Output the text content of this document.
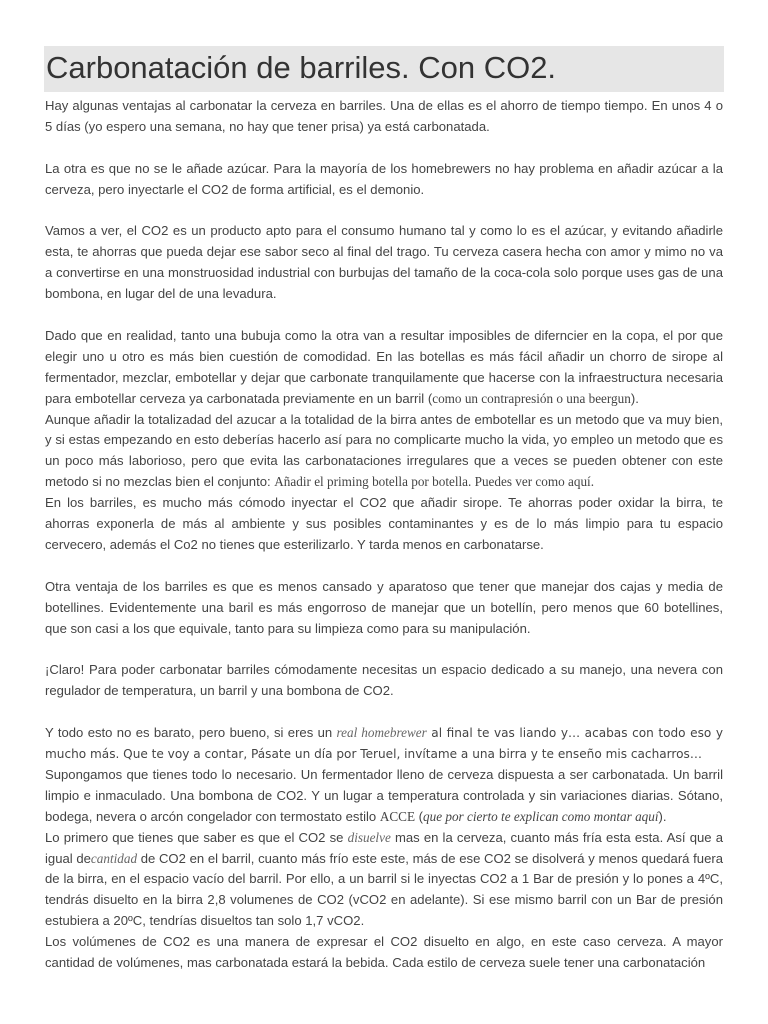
Carbonatación de barriles. Con CO2.

Hay algunas ventajas al carbonatar la cerveza en barriles. Una de ellas es el ahorro de tiempo tiempo. En unos 4 o 5 días (yo espero una semana, no hay que tener prisa) ya está carbonatada.

La otra es que no se le añade azúcar. Para la mayoría de los homebrewers no hay problema en añadir azúcar a la cerveza, pero inyectarle el CO2 de forma artificial, es el demonio.

Vamos a ver, el CO2 es un producto apto para el consumo humano tal y como lo es el azúcar, y evitando añadirle esta, te ahorras que pueda dejar ese sabor seco al final del trago. Tu cerveza casera hecha con amor y mimo no va a convertirse en una monstruosidad industrial con burbujas del tamaño de la coca-cola solo porque uses gas de una bombona, en lugar del de una levadura.

Dado que en realidad, tanto una bubuja como la otra van a resultar imposibles de diferncier en la copa, el por que elegir uno u otro es más bien cuestión de comodidad. En las botellas es más fácil añadir un chorro de sirope al fermentador, mezclar, embotellar y dejar que carbonate tranquilamente que hacerse con la infraestructura necesaria para embotellar cerveza ya carbonatada previamente en un barril (como un contrapresión o una beergun).

Aunque añadir la totalizadad del azucar a la totalidad de la birra antes de embotellar es un metodo que va muy bien, y si estas empezando en esto deberías hacerlo así para no complicarte mucho la vida, yo empleo un metodo que es un poco más laborioso, pero que evita las carbonataciones irregulares que a veces se pueden obtener con este metodo si no mezclas bien el conjunto: Añadir el priming botella por botella. Puedes ver como aquí.

En los barriles, es mucho más cómodo inyectar el CO2 que añadir sirope. Te ahorras poder oxidar la birra, te ahorras exponerla de más al ambiente y sus posibles contaminantes y es de lo más limpio para tu espacio cervecero, además el Co2 no tienes que esterilizarlo. Y tarda menos en carbonatarse.

Otra ventaja de los barriles es que es menos cansado y aparatoso que tener que manejar dos cajas y media de botellines. Evidentemente una baril es más engorroso de manejar que un botellín, pero menos que 60 botellines, que son casi a los que equivale, tanto para su limpieza como para su manipulación.

¡Claro! Para poder carbonatar barriles cómodamente necesitas un espacio dedicado a su manejo, una nevera con regulador de temperatura, un barril y una bombona de CO2.

Y todo esto no es barato, pero bueno, si eres un real homebrewer al final te vas liando y… acabas con todo eso y mucho más. Que te voy a contar, Pásate un día por Teruel, invítame a una birra y te enseño mis cacharros…

Supongamos que tienes todo lo necesario. Un fermentador lleno de cerveza dispuesta a ser carbonatada. Un barril limpio e inmaculado. Una bombona de CO2. Y un lugar a temperatura controlada y sin variaciones diarias. Sótano, bodega, nevera o arcón congelador con termostato estilo ACCE (que por cierto te explican como montar aquí).

Lo primero que tienes que saber es que el CO2 se disuelve mas en la cerveza, cuanto más fría esta esta. Así que a igual decantidad de CO2 en el barril, cuanto más frío este este, más de ese CO2 se disolverá y menos quedará fuera de la birra, en el espacio vacío del barril. Por ello, a un barril si le inyectas CO2 a 1 Bar de presión y lo pones a 4ºC, tendrás disuelto en la birra 2,8 volumenes de CO2 (vCO2 en adelante). Si ese mismo barril con un Bar de presión estubiera a 20ºC, tendrías disueltos tan solo 1,7 vCO2.

Los volúmenes de CO2 es una manera de expresar el CO2 disuelto en algo, en este caso cerveza. A mayor cantidad de volúmenes, mas carbonatada estará la bebida. Cada estilo de cerveza suele tener una carbonatación
